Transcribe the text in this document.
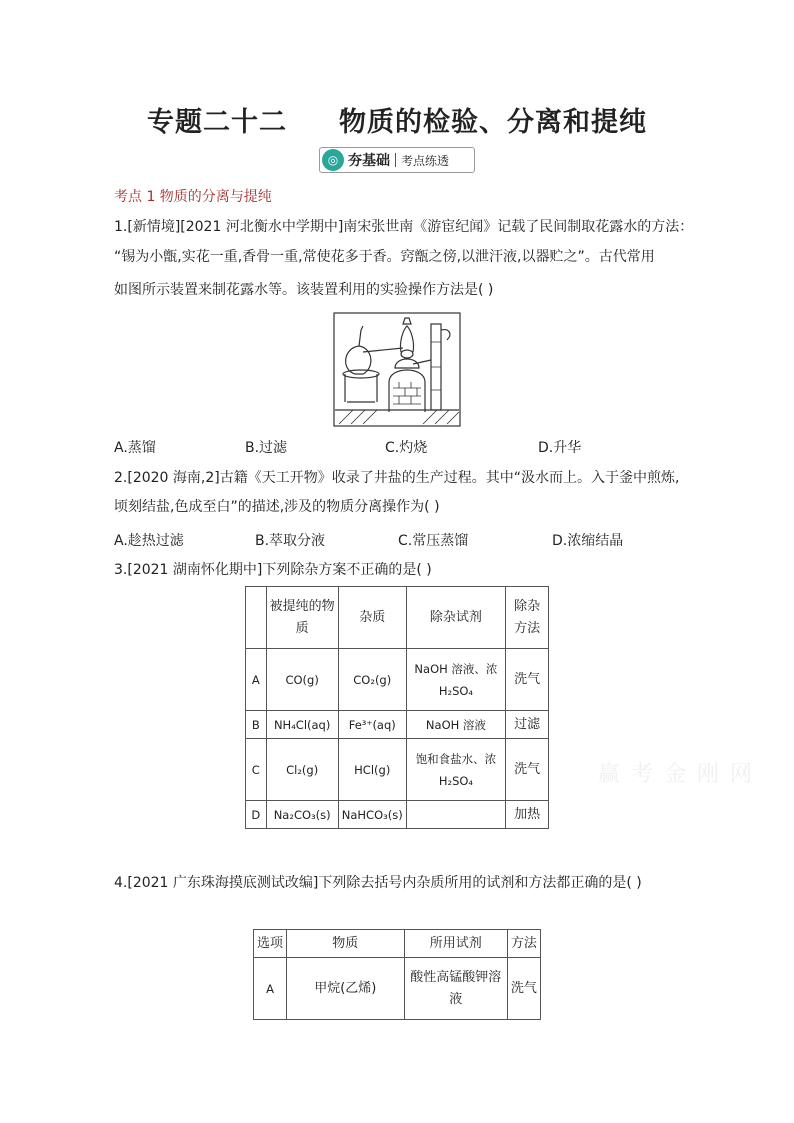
专题二十二 物质的检验、分离和提纯
◎ 夯基础 考点练透
考点 1 物质的分离与提纯
1.[新情境][2021 河北衡水中学期中]南宋张世南《游宦纪闻》记载了民间制取花露水的方法：
“锡为小甑,实花一重,香骨一重,常使花多于香。窍甑之傍,以泄汗液,以器贮之”。古代常用
如图所示装置来制花露水等。该装置利用的实验操作方法是( )
A.蒸馏	B.过滤	C.灼烧	D.升华
2.[2020 海南,2]古籍《天工开物》收录了井盐的生产过程。其中“汲水而上。入于釜中煎炼,
顷刻结盐,色成至白”的描述,涉及的物质分离操作为( )
A.趁热过滤	B.萃取分液	C.常压蒸馏	D.浓缩结晶
3.[2021 湖南怀化期中]下列除杂方案不正确的是( )
	被提纯的物质	杂质	除杂试剂	除杂方法
A	CO(g)	CO₂(g)	NaOH 溶液、浓 H₂SO₄	洗气
B	NH₄Cl(aq)	Fe³⁺(aq)	NaOH 溶液	过滤
C	Cl₂(g)	HCl(g)	饱和食盐水、浓 H₂SO₄	洗气
D	Na₂CO₃(s)	NaHCO₃(s)		加热
赢 考 金 刚 网
4.[2021 广东珠海摸底测试改编]下列除去括号内杂质所用的试剂和方法都正确的是( )
选项	物质	所用试剂	方法
A	甲烷(乙烯)	酸性高锰酸钾溶液	洗气
